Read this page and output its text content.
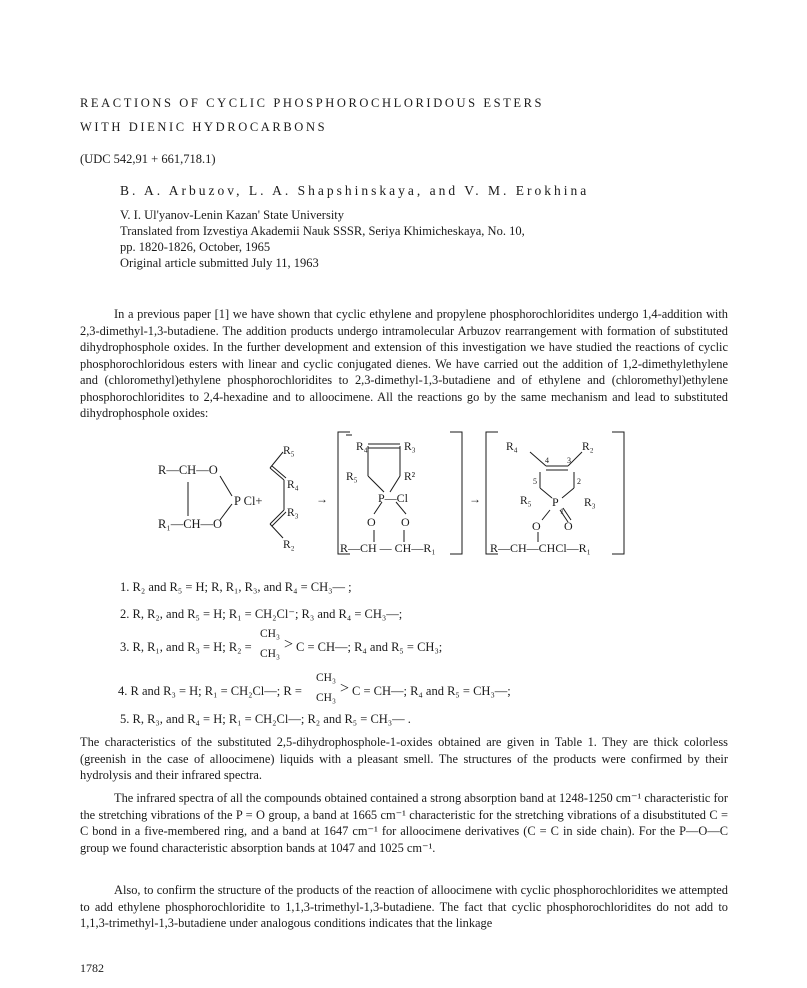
REACTIONS OF CYCLIC PHOSPHOROCHLORIDOUS ESTERS
WITH DIENIC HYDROCARBONS
(UDC 542,91 + 661,718.1)
B. A. Arbuzov, L. A. Shapshinskaya, and V. M. Erokhina
V. I. Ul'yanov-Lenin Kazan' State University
Translated from Izvestiya Akademii Nauk SSSR, Seriya Khimicheskaya, No. 10,
pp. 1820-1826, October, 1965
Original article submitted July 11, 1963
In a previous paper [1] we have shown that cyclic ethylene and propylene phosphorochloridites undergo 1,4-addition with 2,3-dimethyl-1,3-butadiene. The addition products undergo intramolecular Arbuzov rearrangement with formation of substituted dihydrophosphole oxides. In the further development and extension of this investigation we have studied the reactions of cyclic phosphorochloridous esters with linear and cyclic conjugated dienes. We have carried out the addition of 1,2-dimethylethylene and (chloromethyl)ethylene phosphorochloridites to 2,3-dimethyl-1,3-butadiene and of ethylene and (chloromethyl)ethylene phosphorochloridites to 2,4-hexadine and to alloocimene. All the reactions go by the same mechanism and lead to substituted dihydrophosphole oxides:
R—CH—O
R₁—CH—O
P Cl+
R₅
R₄
R₃
R₂
→
R₄	R₃
R₅	R²
P—Cl
O O
R—CH — CH—R₁
→
R₄	R₂
4 3
5	2
R₅ P
1
R₃
O O
R—CH—CHCl—R₁
1. R₂ and R₅ = H; R, R₁, R₃, and R₄ = CH₃— ;
2. R, R₂, and R₅ = H; R₁ = CH₂Cl⁻; R₃ and R₄ = CH₃—;
3. R, R₁, and R₃ = H; R₂ =
CH₃
CH₃
> C = CH—; R₄ and R₅ = CH₃;
4. R and R₃ = H; R₁ = CH₂Cl—; R =
CH₃
CH₃
> C = CH—; R₄ and R₅ = CH₃—;
5. R, R₃, and R₄ = H; R₁ = CH₂Cl—; R₂ and R₅ = CH₃— .
The characteristics of the substituted 2,5-dihydrophosphole-1-oxides obtained are given in Table 1. They are thick colorless (greenish in the case of alloocimene) liquids with a pleasant smell. The structures of the products were confirmed by their hydrolysis and their infrared spectra.
The infrared spectra of all the compounds obtained contained a strong absorption band at 1248-1250 cm⁻¹ characteristic for the stretching vibrations of the P = O group, a band at 1665 cm⁻¹ characteristic for the stretching vibrations of a disubstituted C = C bond in a five-membered ring, and a band at 1647 cm⁻¹ for alloocimene derivatives (C = C in side chain). For the P—O—C group we found characteristic absorption bands at 1047 and 1025 cm⁻¹.
Also, to confirm the structure of the products of the reaction of alloocimene with cyclic phosphorochloridites we attempted to add ethylene phosphorochloridite to 1,1,3-trimethyl-1,3-butadiene. The fact that cyclic phosphorochloridites do not add to 1,1,3-trimethyl-1,3-butadiene under analogous conditions indicates that the linkage
1782
